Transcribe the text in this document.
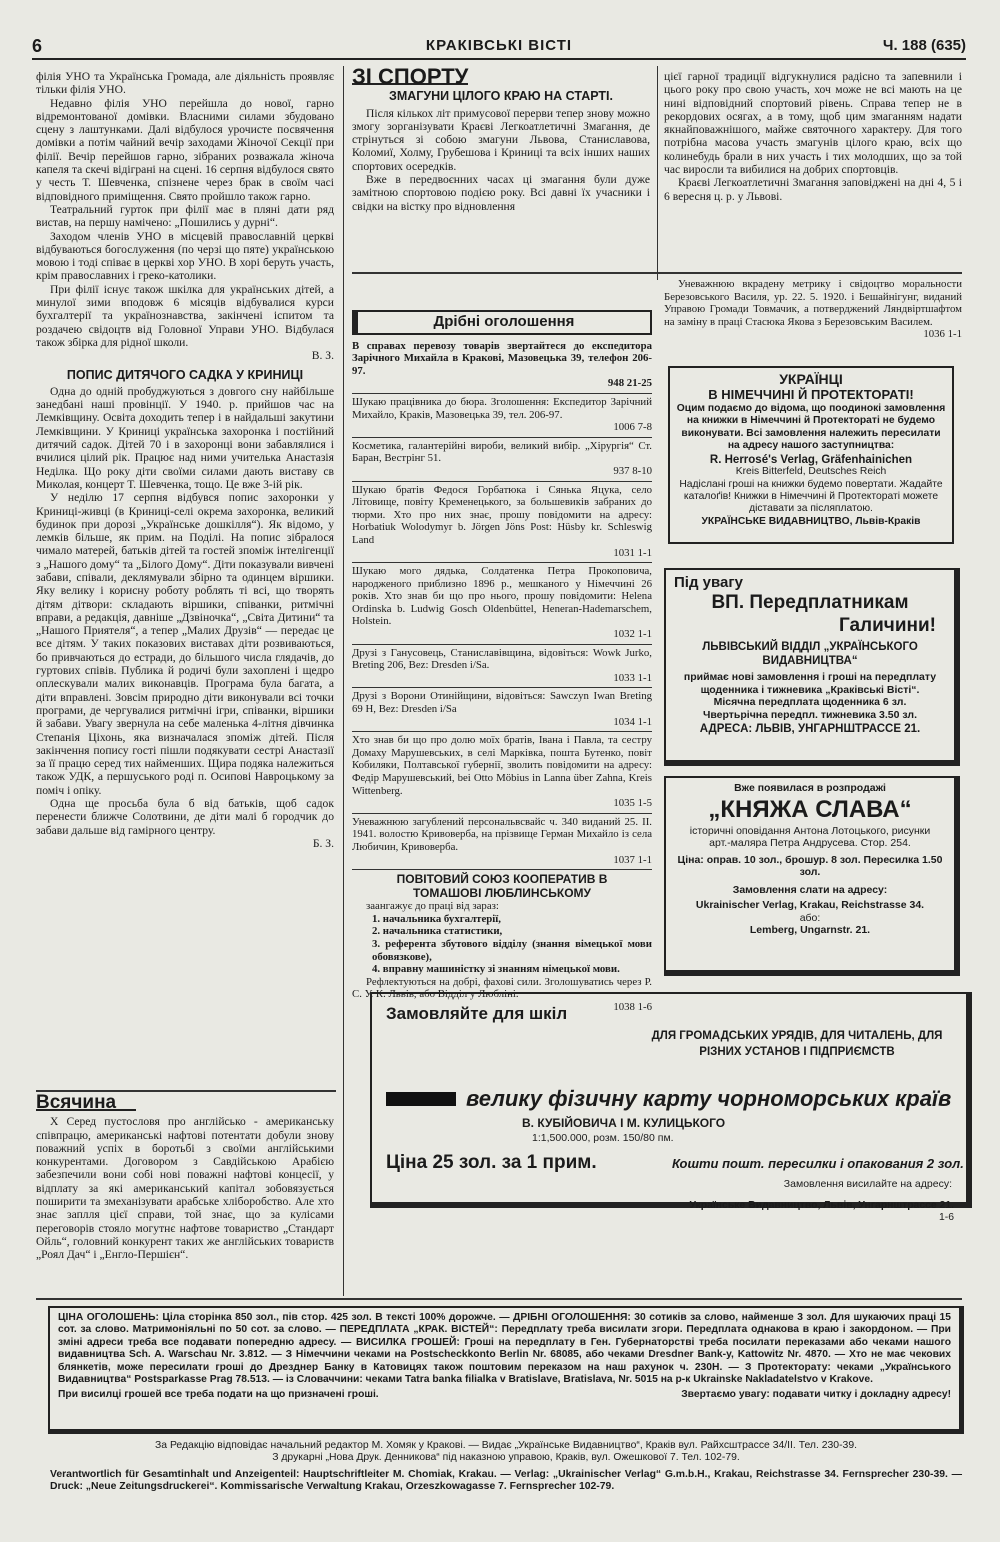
6	КРАКІВСЬКІ ВІСТІ	Ч. 188 (635)

філія УНО та Українська Громада, але діяльність проявляє тільки філія УНО.

Недавно філія УНО перейшла до нової, гарно відремонтованої домівки. Власними силами збудовано сцену з лаштунками. Далі відбулося урочисте посвячення домівки а потім чайний вечір заходами Жіночої Секції при філії. Вечір перейшов гарно, зібраних розважала жіноча капеля та скечі відіграні на сцені. 16 серпня відбулося свято у честь Т. Шевченка, спізнене через брак в своїм часі відповідного приміщення. Свято пройшло також гарно.

Театральний гурток при філії має в пляні дати ряд вистав, на першу намічено: „Пошились у дурні“.

Заходом членів УНО в місцевій православній церкві відбуваються богослуження (по черзі що пяте) українською мовою і тоді співає в церкві хор УНО. В хорі беруть участь, крім православних і греко-католики.

При філії існує також шкілка для українських дітей, а минулої зими вподовж 6 місяців відбувалися курси бухгалтерії та українознавства, закінчені іспитом та роздачею свідоцтв від Головної Управи УНО. Відбулася також збірка для рідної школи.

В. З.

ПОПИС ДИТЯЧОГО САДКА У КРИНИЦІ

Одна до одній пробуджуються з довгого сну найбільше занедбані наші провінції. У 1940. р. прийшов час на Лемківщину. Освіта доходить тепер і в найдальші закутини Лемківщини. У Криниці українська захоронка і постійний дитячий садок. Дітей 70 і в захоронці вони забавлялися і вчилися цілий рік. Працює над ними учителька Анастазія Неділка. Що року діти своїми силами дають виставу св Миколая, концерт Т. Шевченка, тощо. Це вже 3-ій рік.

У неділю 17 серпня відбувся попис захоронки у Криниці-живці (в Криниці-селі окрема захоронка, великий будинок при дорозі „Українське дошкілля“). Як відомо, у лемків більше, як прим. на Поділі. На попис зібралося чимало матерей, батьків дітей та гостей зпоміж інтелігенції з „Нашого дому“ та „Білого Дому“. Діти показували вивчені забави, співали, деклямували збірно та одинцем віршики. Яку велику і корисну роботу роблять ті всі, що творять дітям дітвори: складають віршики, співанки, ритмічні вправи, а редакція, давніше „Дзвіночка“, „Світа Дитини“ та „Нашого Приятеля“, а тепер „Малих Друзів“ — передає це все дітям. У таких показових виставах діти розвиваються, бо привчаються до естради, до більшого числа глядачів, до гуртових співів. Публика й родичі були захоплені і щедро оплескували малих виконавців. Програма була багата, а діти вправлені. Зовсім природно діти виконували всі точки програми, де чергувалися ритмічні ігри, співанки, віршики й забави. Увагу звернула на себе маленька 4-літня дівчинка Степанія Ціхонь, яка визначалася зпоміж дітей. Після закінчення попису гості пішли подякувати сестрі Анастазії за її працю серед тих найменших. Щира подяка належиться також УДК, а першуського роді п. Осипові Навроцькому за поміч і опіку.

Одна ще просьба була б від батьків, щоб садок перенести ближче Солотвини, де діти малі б городчик до забави дальше від гамірного центру.

Б. З.

Всячина

Х Серед пустословя про англійсько - американську співпрацю, американські нафтові потентати добули знову поважний успіх в боротьбі з своїми англійськими конкурентами. Договором з Савдійською Арабією забезпечили вони собі нові поважні нафтові концесії, у відплату за які американський капітал зобовязується поширити та змеханізувати арабське хліборобство. Але хто знає заплля цієї справи, той знає, що за кулісами переговорів стояло могутнє нафтове товариство „Стандарт Ойль“, головний конкурент таких же англійських товариств „Роял Дач“ і „Енгло-Першієн“.

ЗІ СПОРТУ
ЗМАГУНИ ЦІЛОГО КРАЮ НА СТАРТІ.

Після кількох літ примусової перерви тепер знову можно змогу зорганізувати Краєві Легкоатлетичні Змагання, де стрінуться зі собою змагуни Львова, Станиславова, Коломиї, Холму, Грубешова і Криниці та всіх інших наших спортових осередків.

Вже в передвоєнних часах ці змагання були дуже замітною спортовою подією року. Всі давні їх учасники і свідки на вістку про відновлення

цієї гарної традиції відгукнулися радісно та запевнили і цього року про свою участь, хоч може не всі мають на це нині відповідний спортовий рівень. Справа тепер не в рекордових осягах, а в тому, щоб цим змаганням надати якнайповажнішого, майже святочного характеру. Для того потрібна масова участь змагунів цілого краю, всіх що колинебудь брали в них участь і тих молодших, що за той час виросли та вибилися на добрих спортовців.

Краєві Легкоатлетичні Змагання заповіджені на дні 4, 5 і 6 вересня ц. р. у Львові.

Дрібні оголошення
В справах перевозу товарів звертайтеся до експедитора Зарічного Михайла в Кракові, Мазовецька 39, телефон 206-97.
948 21-25
Шукаю працівника до бюра. Зголошення: Експедитор Зарічний Михайло, Краків, Мазовецька 39, тел. 206-97.
1006 7-8
Косметика, галантерійні вироби, великий вибір. „Хірургія“ Ст. Баран, Вестрінг 51.
937 8-10
Шукаю братів Федося Горбатюка і Сянька Яцука, село Літовище, повіту Кременецького, за большевиків забраних до тюрми. Хто про них знає, прошу повідомити на адресу: Horbatiuk Wolodymyr b. Jörgen Jöns Post: Hüsby kr. Schleswig Land
1031 1-1
Шукаю мого дядька, Солдатенка Петра Прокоповича, народженого приблизно 1896 р., мешканого у Німеччині 26 років. Хто знав би що про нього, прошу повідомити: Helena Ordinska b. Ludwig Gosch Oldenbüttel, Heneran-Hademarschem, Holstein.
1032 1-1
Друзі з Ганусовець, Станиславівщина, відовіться: Wowk Jurko, Breting 206, Bez: Dresden i/Sa.
1033 1-1
Друзі з Ворони Отинійщини, відовіться: Sawczyn Iwan Breting 69 H, Bez: Dresden i/Sa
1034 1-1
Хто знав би що про долю моїх братів, Івана і Павла, та сестру Домаху Марушевських, в селі Марківка, пошта Бутенко, повіт Кобиляки, Полтавської губернії, зволить повідомити на адресу: Федір Марушевський, bei Otto Möbius in Lanna über Zahna, Kreis Wittenberg.
1035 1-5
Уневажнюю загублений персональвсвайс ч. 340 виданий 25. II. 1941. волостю Кривоверба, на прізвище Герман Михайло із села Любичин, Кривоверба.
1037 1-1
ПОВІТОВИЙ СОЮЗ КООПЕРАТИВ В ТОМАШОВІ ЛЮБЛИНСЬКОМУ
заангажує до праці від зараз:
1. начальника бухгалтерії,
2. начальника статистики,
3. референта збутового відділу (знання вімецької мови обовязкове),
4. вправну машиністку зі знанням німецької мови.
Рефлектуються на добрі, фахові сили. Зголошуватись через Р. С. У. К. Львів, або Відділ у Любліні.
1038 1-6

Уневажнюю вкрадену метрику і свідоцтво моральности Березовського Василя, ур. 22. 5. 1920. і Бешайнігунг, виданий Управою Громади Товмачик, а потверджений Ляндвіртшафтом на заміну в праці Стасюка Якова з Березовським Василем.

1036 1-1

УКРАЇНЦІ
В НІМЕЧЧИНІ Й ПРОТЕКТОРАТІ!
Оцим подаємо до відома, що поодинокі замовлення на книжки в Німеччині й Протектораті не будемо виконувати. Всі замовлення належить пересилати на адресу нашого заступництва:
R. Herrosé's Verlag, Gräfenhainichen
Kreis Bitterfeld, Deutsches Reich
Надіслані гроші на книжки будемо повертати. Жадайте каталоґів! Книжки в Німеччині й Протектораті можете діставати за післяплатою.
УКРАЇНСЬКЕ ВИДАВНИЦТВО, Львів-Краків
Під увагу
ВП. Передплатникам
Галичини!
ЛЬВІВСЬКИЙ ВІДДІЛ „УКРАЇНСЬКОГО ВИДАВНИЦТВА“
приймає нові замовлення і гроші на передплату щоденника і тижневика „Краківські Вісті“.
Місячна передплата щоденника 6 зл.
Чвертьрічна передпл. тижневика 3.50 зл.
АДРЕСА: ЛЬВІВ, УНГАРНШТРАССЕ 21.
Вже появилася в розпродажі
„КНЯЖА СЛАВА“
історичні оповідання Антона Лотоцького, рисунки арт.-маляра Петра Андрусева. Стор. 254.
Ціна: оправ. 10 зол., брошур. 8 зол. Пересилка 1.50 зол.
Замовлення слати на адресу:
Ukrainischer Verlag, Krakau, Reichstrasse 34.
або:
Lemberg, Ungarnstr. 21.
Замовляйте для шкіл
ДЛЯ ГРОМАДСЬКИХ УРЯДІВ, ДЛЯ ЧИТАЛЕНЬ, ДЛЯ РІЗНИХ УСТАНОВ І ПІДПРИЄМСТВ
велику фізичну карту чорноморських країв
В. КУБІЙОВИЧА І М. КУЛИЦЬКОГО
1:1,500.000, розм. 150/80 пм.
Ціна 25 зол. за 1 прим.	Кошти пошт. пересилки і опакования 2 зол.
Замовлення висилайте на адресу:
Українське Видавництво, Львів, Унгарнштрассе 21.
1-6
ЦІНА ОГОЛОШЕНЬ: Ціла сторінка 850 зол., пів стор. 425 зол. В тексті 100% дорожче. — ДРІБНІ ОГОЛОШЕННЯ: 30 сотиків за слово, найменше 3 зол. Для шукаючих праці 15 сот. за слово. Матримоніяльні по 50 сот. за слово. — ПЕРЕДПЛАТА „КРАК. ВІСТЕЙ“: Передплату треба висилати згори. Передплата однакова в краю і закордоном. — При зміні адреси треба все подавати попередню адресу. — ВИСИЛКА ГРОШЕЙ: Гроші на передплату в Ген. Губернаторстві треба посилати переказами або чеками нашого видавництва Sch. A. Warschau Nr. 3.812. — З Німеччини чеками на Postscheckkonto Berlin Nr. 68085, або чеками Dresdner Bank-у, Kattowitz Nr. 4870. — Хто не має чекових блянкетів, може пересилати гроші до Дрезднер Банку в Катовицях також поштовим переказом на наш рахунок ч. 230Н. — З Протекторату: чеками „Українського Видавництва“ Postsparkasse Prag 78.513. — із Словаччини: чеками Tatra banka filialka v Bratislave, Bratislava, Nr. 5015 на р-к Ukrainske Nakladatelstvo v Krakove.
При висилці грошей все треба подати на що призначені гроші.	Звертаємо увагу: подавати читку і докладну адресу!
За Редакцію відповідає начальний редактор М. Хомяк у Кракові. — Видає „Українське Видавництво“, Краків вул. Райхсштрассе 34/II. Тел. 230-39.
З друкарні „Нова Друк. Денникова“ під наказною управою, Краків, вул. Ожешкової 7. Тел. 102-79.
Verantwortlich für Gesamtinhalt und Anzeigenteil: Hauptschriftleiter M. Chomiak, Krakau. — Verlag: „Ukrainischer Verlag“ G.m.b.H., Krakau, Reichstrasse 34. Fernsprecher 230-39. — Druck: „Neue Zeitungsdruckerei“. Kommissarische Verwaltung Krakau, Orzeszkowagasse 7. Fernsprecher 102-79.
